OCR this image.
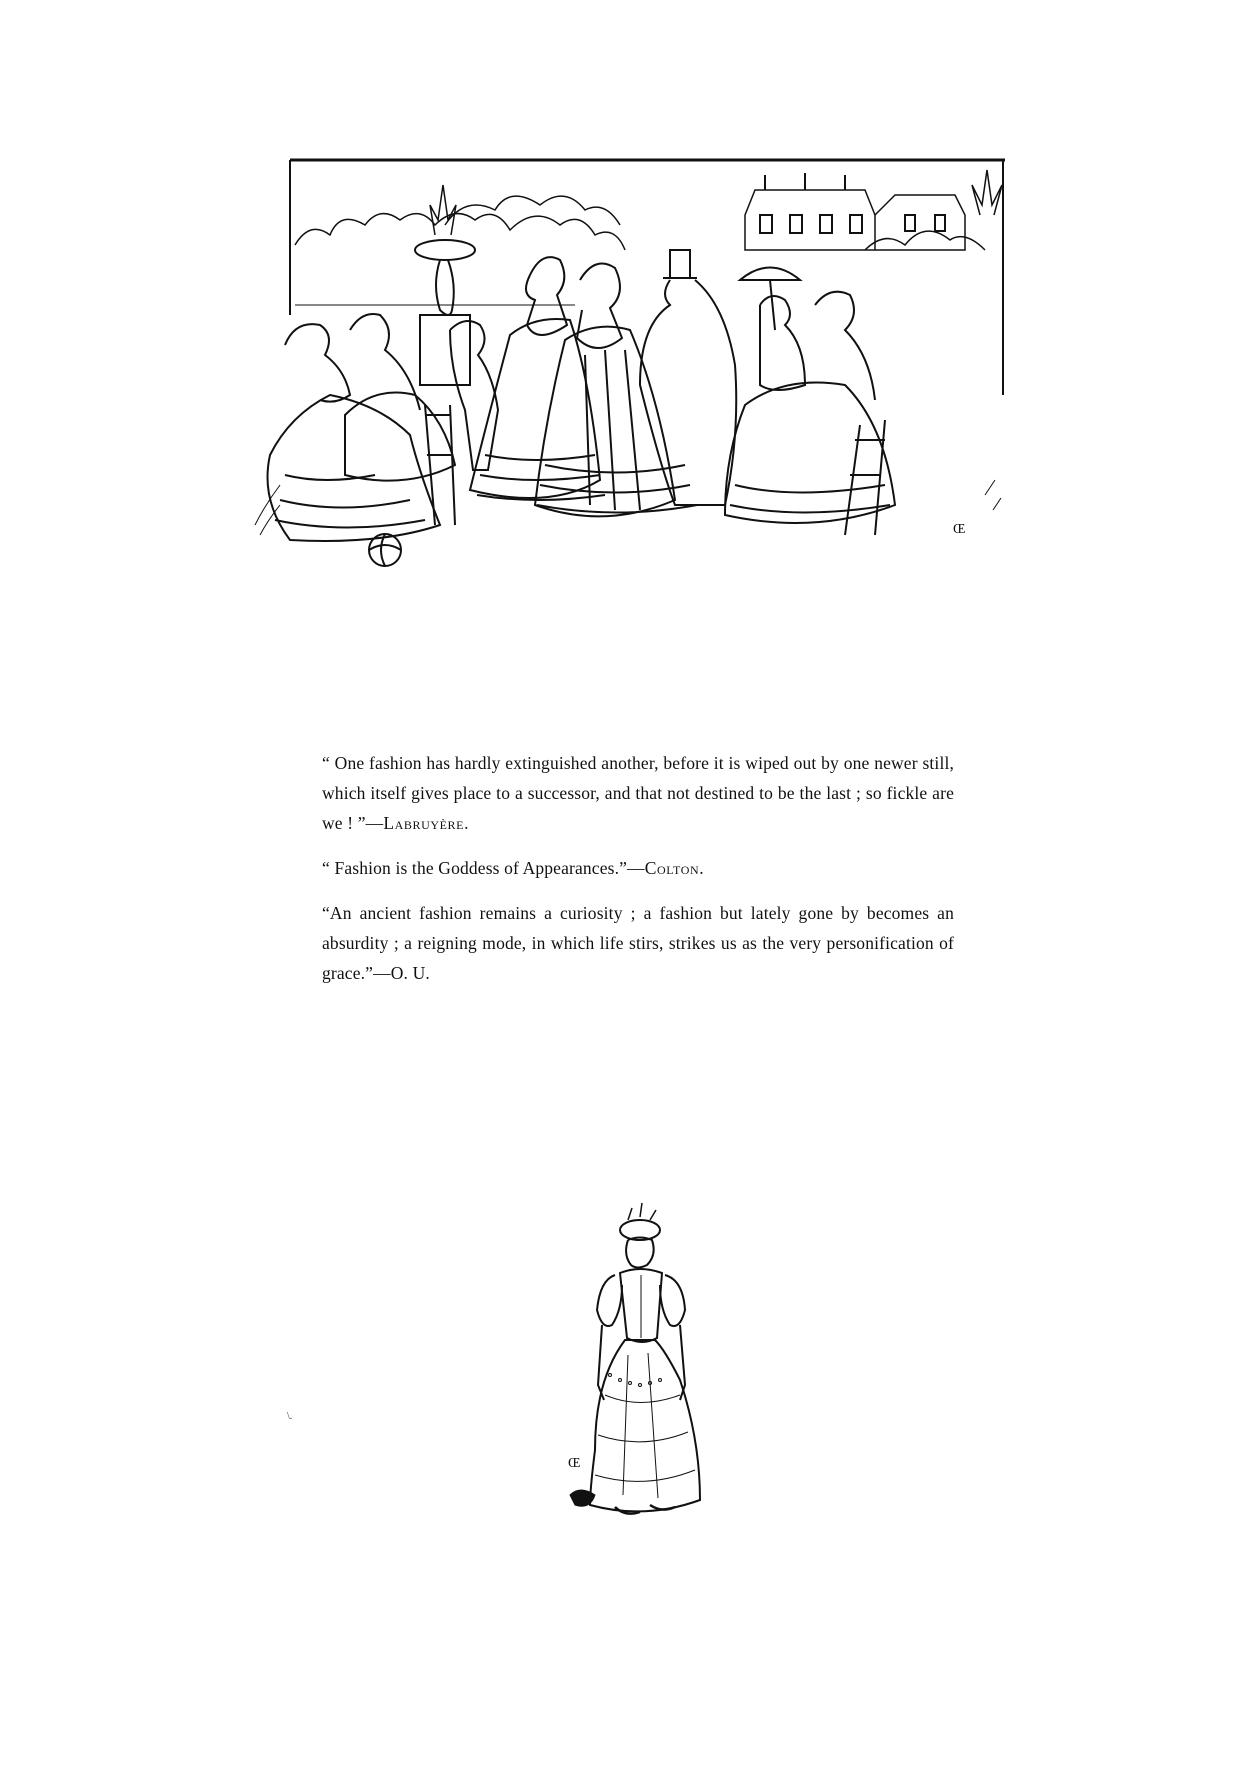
Œ

“ One fashion has hardly extinguished another, before it is wiped out by one newer still, which itself gives place to a successor, and that not destined to be the last ; so fickle are we ! ”—Labruyère.

“ Fashion is the Goddess of Appearances.”—Colton.

“An ancient fashion remains a curiosity ; a fashion but lately gone by becomes an absurdity ; a reigning mode, in which life stirs, strikes us as the very personification of grace.”—O. U.

\.
Œ
